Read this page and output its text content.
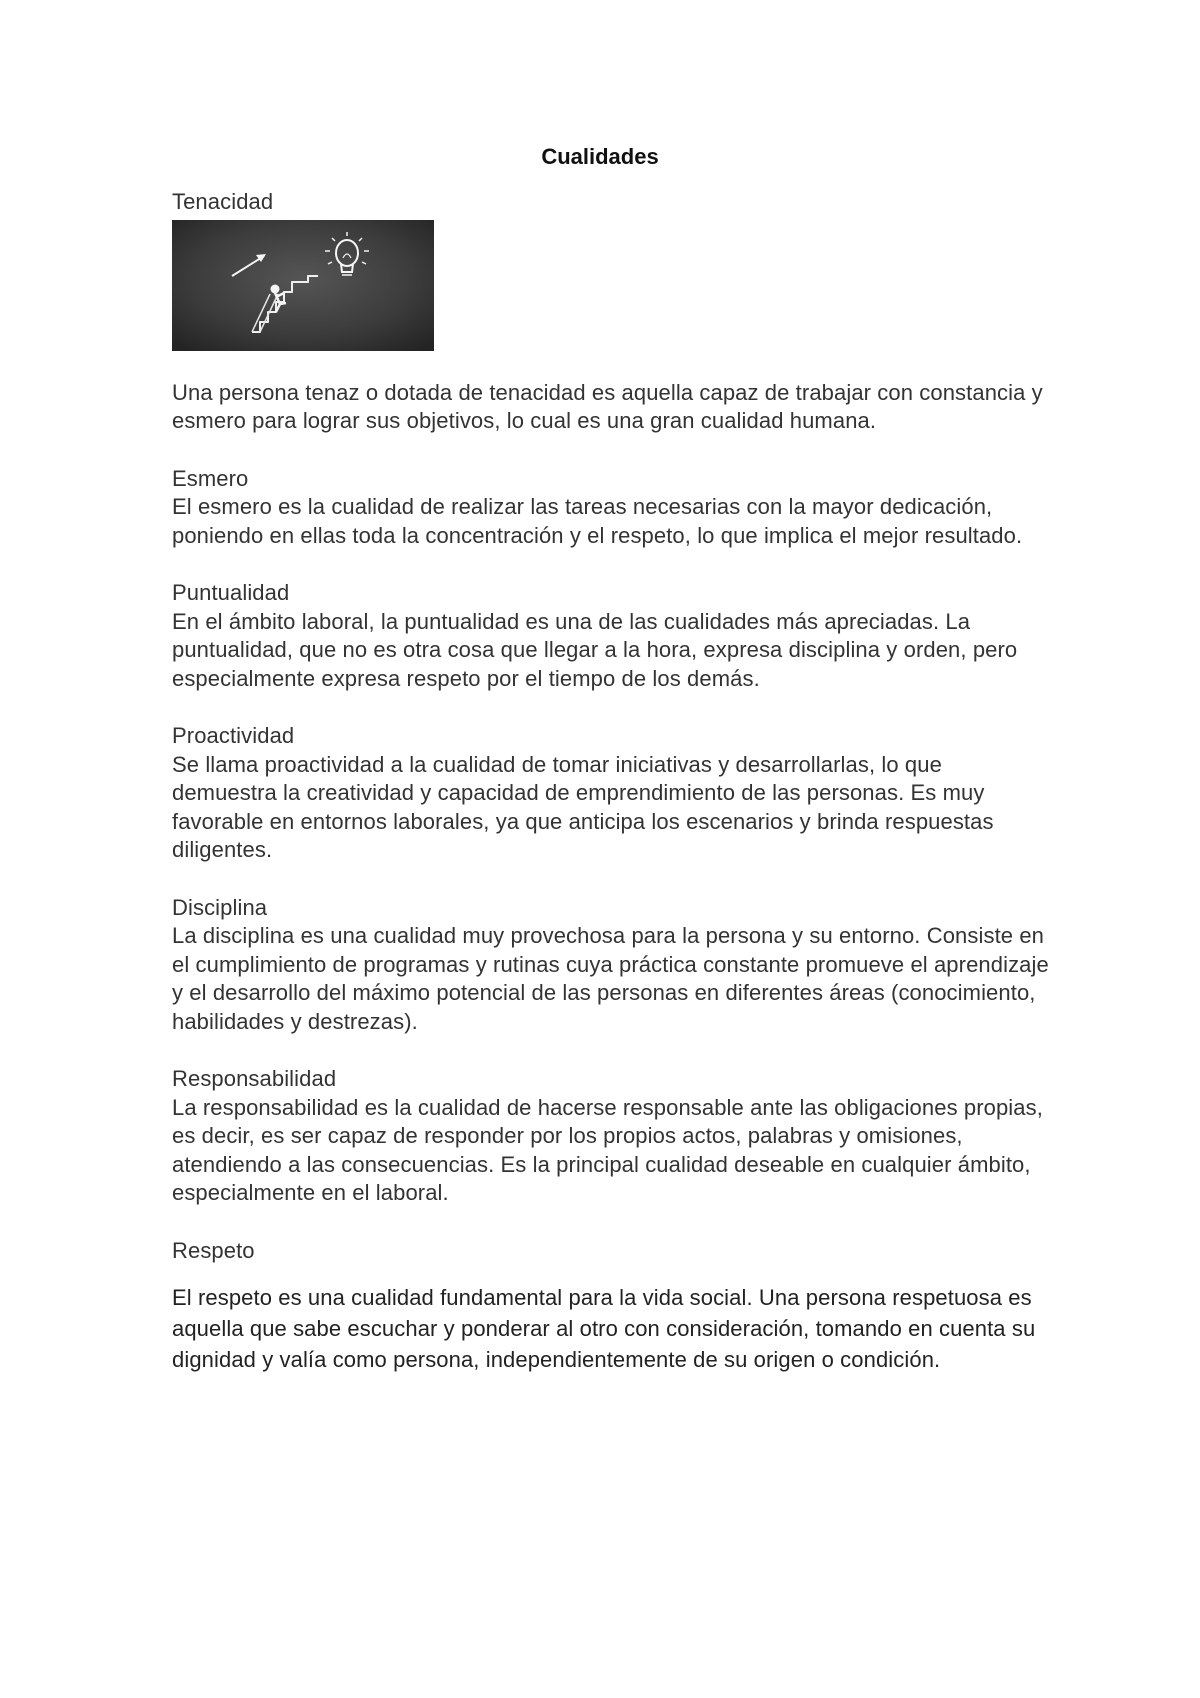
Cualidades

Tenacidad

Una persona tenaz o dotada de tenacidad es aquella capaz de trabajar con constancia y esmero para lograr sus objetivos, lo cual es una gran cualidad humana.

Esmero

El esmero es la cualidad de realizar las tareas necesarias con la mayor dedicación, poniendo en ellas toda la concentración y el respeto, lo que implica el mejor resultado.

Puntualidad

En el ámbito laboral, la puntualidad es una de las cualidades más apreciadas. La puntualidad, que no es otra cosa que llegar a la hora, expresa disciplina y orden, pero especialmente expresa respeto por el tiempo de los demás.

Proactividad

Se llama proactividad a la cualidad de tomar iniciativas y desarrollarlas, lo que demuestra la creatividad y capacidad de emprendimiento de las personas. Es muy favorable en entornos laborales, ya que anticipa los escenarios y brinda respuestas diligentes.

Disciplina

La disciplina es una cualidad muy provechosa para la persona y su entorno. Consiste en el cumplimiento de programas y rutinas cuya práctica constante promueve el aprendizaje y el desarrollo del máximo potencial de las personas en diferentes áreas (conocimiento, habilidades y destrezas).

Responsabilidad

La responsabilidad es la cualidad de hacerse responsable ante las obligaciones propias, es decir, es ser capaz de responder por los propios actos, palabras y omisiones, atendiendo a las consecuencias. Es la principal cualidad deseable en cualquier ámbito, especialmente en el laboral.

Respeto

El respeto es una cualidad fundamental para la vida social. Una persona respetuosa es aquella que sabe escuchar y ponderar al otro con consideración, tomando en cuenta su dignidad y valía como persona, independientemente de su origen o condición.
